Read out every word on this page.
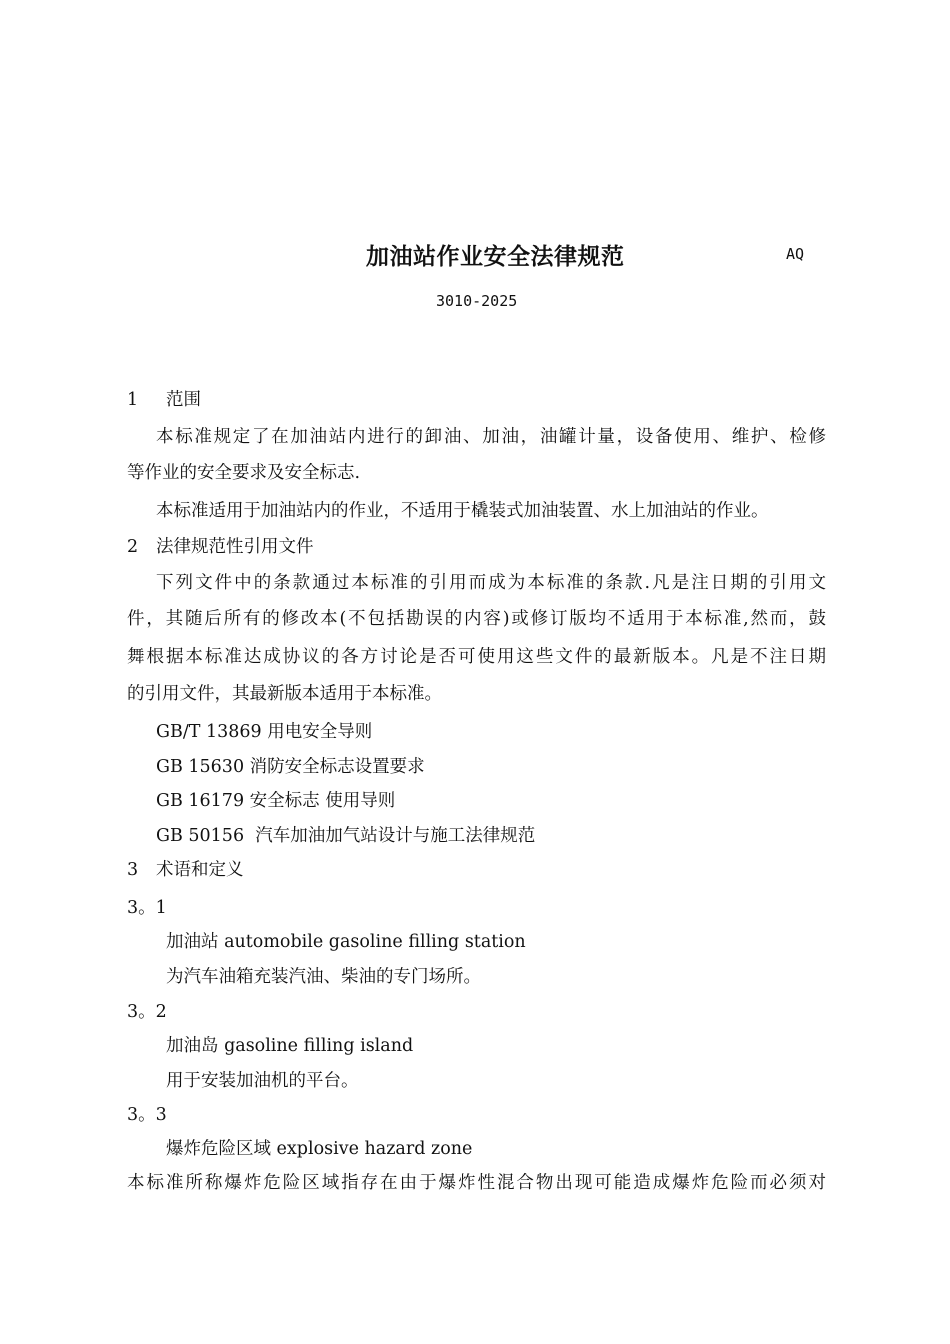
加油站作业安全法律规范	AQ
3010-2025
1 范围
本标准规定了在加油站内进行的卸油、加油，油罐计量，设备使用、维护、检修
等作业的安全要求及安全标志.
本标准适用于加油站内的作业，不适用于橇装式加油装置、水上加油站的作业。
2 法律规范性引用文件
下列文件中的条款通过本标准的引用而成为本标准的条款.凡是注日期的引用文
件，其随后所有的修改本(不包括勘误的内容)或修订版均不适用于本标准,然而，鼓
舞根据本标准达成协议的各方讨论是否可使用这些文件的最新版本。凡是不注日期
的引用文件，其最新版本适用于本标准。
GB/T 13869 用电安全导则
GB 15630 消防安全标志设置要求
GB 16179 安全标志 使用导则
GB 50156  汽车加油加气站设计与施工法律规范
3 术语和定义
3。1
加油站 automobile gasoline filling station
为汽车油箱充装汽油、柴油的专门场所。
3。2
加油岛 gasoline filling island
用于安装加油机的平台。
3。3
爆炸危险区域 explosive hazard zone
本标准所称爆炸危险区域指存在由于爆炸性混合物出现可能造成爆炸危险而必须对
